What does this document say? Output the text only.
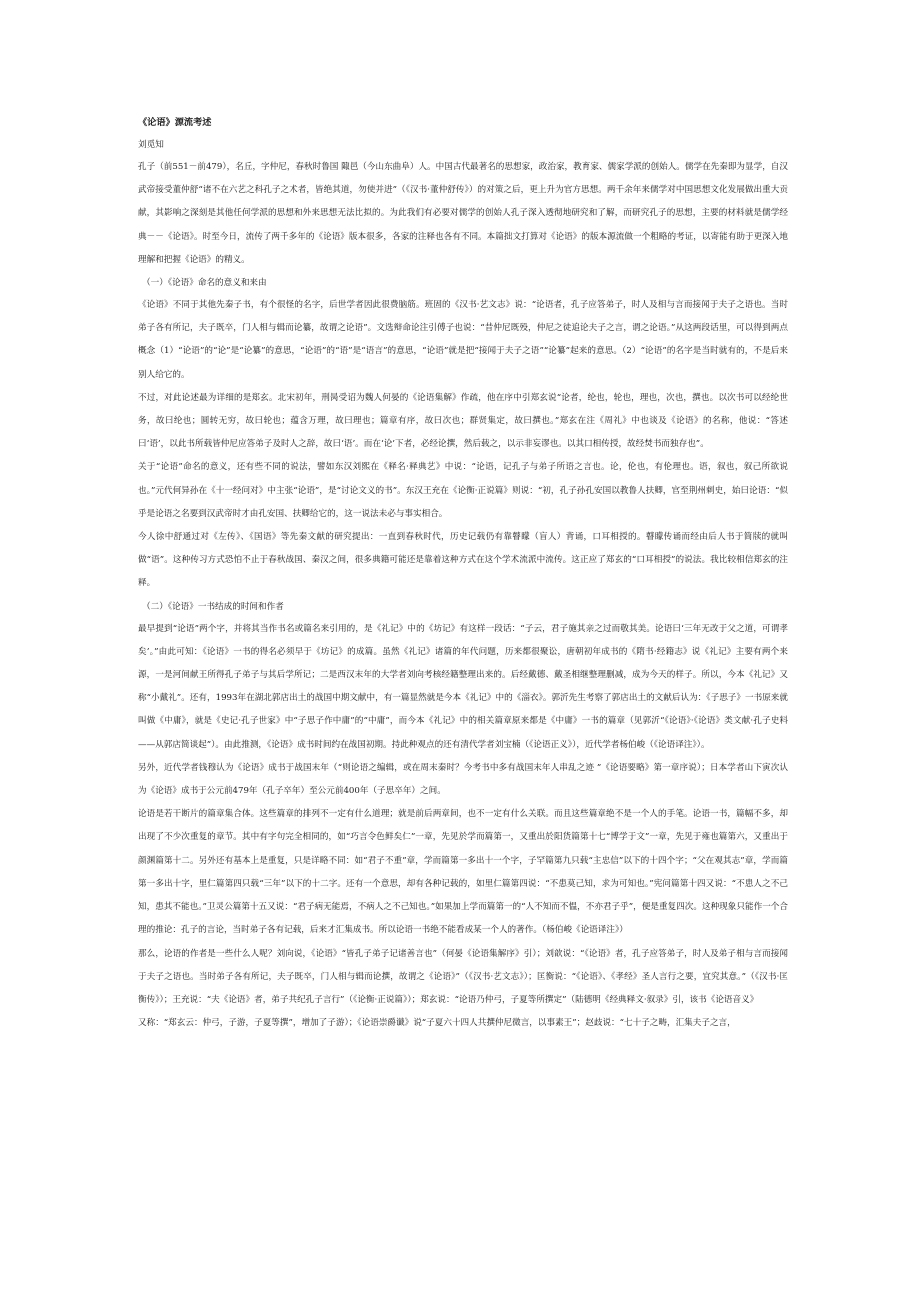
《论语》源流考述

刘觅知

孔子（前551－前479），名丘，字仲尼，春秋时鲁国 陬邑（今山东曲阜）人。中国古代最著名的思想家，政治家，教育家、儒家学派的创始人。儒学在先秦即为显学，自汉武帝接受董仲舒“诸不在六艺之科孔子之术者，皆绝其道，勿使并进”（《汉书·董仲舒传》）的对策之后，更上升为官方思想。两千余年来儒学对中国思想文化发展做出重大贡献，其影响之深刻是其他任何学派的思想和外来思想无法比拟的。为此我们有必要对儒学的创始人孔子深入透彻地研究和了解，而研究孔子的思想，主要的材料就是儒学经典－－《论语》。时至今日，流传了两千多年的《论语》版本很多，各家的注释也各有不同。本篇拙文打算对《论语》的版本源流做一个粗略的考证，以寄能有助于更深入地理解和把握《论语》的精义。

（一）《论语》命名的意义和来由

《论语》不同于其他先秦子书，有个很怪的名字，后世学者因此很费脑筋。班固的《汉书·艺文志》说：“论语者，孔子应答弟子，时人及相与言而接闻于夫子之语也。当时弟子各有所记，夫子既卒，门人相与辑而论纂，故谓之论语”。文选辩命论注引傅子也说：“昔仲尼既殁，仲尼之徒追论夫子之言，谓之论语。”从这两段话里，可以得到两点概念（1）“论语”的“论”是“论纂”的意思，“论语”的“语”是“语言”的意思，“论语”就是把“接闻于夫子之语”“论纂”起来的意思。（2）“论语”的名字是当时就有的，不是后来别人给它的。

不过，对此论述最为详细的是郑玄。北宋初年，刑昺受诏为魏人何晏的《论语集解》作疏，他在序中引郑玄说“论者，纶也，轮也，理也，次也，撰也。以次书可以经纶世务，故曰纶也；圆转无穷，故曰轮也；蕴含万理，故曰理也；篇章有序，故曰次也；群贤集定，故曰撰也。”郑玄在注《周礼》中也谈及《论语》的名称，他说：“答述曰‘语’，以此书所载皆仲尼应答弟子及时人之辞，故曰‘语’。而在‘论’下者，必经论撰，然后载之，以示非妄谬也。以其口相传授，故经焚书而独存也”。

关于“论语”命名的意义，还有些不同的说法，譬如东汉刘熙在《释名·释典艺》中说：“论语，记孔子与弟子所语之言也。论，伦也，有伦理也。语，叙也，叙己所欲说也。”元代何异孙在《十一经问对》中主张“论语”，是“讨论文义的书”。东汉王充在《论衡·正说篇》则说：“初，孔子孙孔安国以教鲁人扶卿，官至荆州刺史，始曰论语：“似乎是论语之名要到汉武帝时才由孔安国、扶卿给它的，这一说法未必与事实相合。

今人徐中舒通过对《左传》、《国语》等先秦文献的研究提出：一直到春秋时代，历史记载仍有靠瞽矇（盲人）背诵，口耳相授的。瞽矇传诵而经由后人书于简牍的就叫做“语”。这种传习方式恐怕不止于春秋战国、秦汉之间，很多典籍可能还是靠着这种方式在这个学术流派中流传。这正应了郑玄的“口耳相授”的说法。我比较相信郑玄的注释。

（二）《论语》一书结成的时间和作者

最早提到“论语”两个字，并将其当作书名或篇名来引用的，是《礼记》中的《坊记》有这样一段话：“子云，君子施其亲之过而敬其美。论语曰‘三年无改于父之道，可谓孝矣’。”由此可知：《论语》一书的得名必须早于《坊记》的成篇。虽然《礼记》诸篇的年代问题，历来都很聚讼，唐朝初年成书的《隋书·经籍志》说《礼记》主要有两个来源，一是河间献王所得孔子弟子与其后学所记；二是西汉末年的大学者刘向考核经籍整理出来的。后经戴德、戴圣相继整理删减，成为今天的样子。所以，今本《礼记》又称“小戴礼”。还有，1993年在湖北郭店出土的战国中期文献中，有一篇显然就是今本《礼记》中的《淄衣》。郭沂先生考察了郭店出土的文献后认为：《子思子》一书原来就叫做《中庸》，就是《史记·孔子世家》中“子思子作中庸”的“中庸”，而今本《礼记》中的相关篇章原来都是《中庸》一书的篇章（见郭沂“《论语》·《论语》类文献·孔子史料——从郭店简谈起”）。由此推测，《论语》成书时间约在战国初期。持此种观点的还有清代学者刘宝楠（《论语正义》），近代学者杨伯峻（《论语译注》）。

另外，近代学者钱穆认为《论语》成书于战国末年（“则论语之编辑，或在周末秦时？今考书中多有战国末年人串乱之迹 ”《论语要略》第一章序说）；日本学者山下寅次认为《论语》成书于公元前479年（孔子卒年）至公元前400年（子思卒年）之间。

论语是若干断片的篇章集合体。这些篇章的排列不一定有什么道理；就是前后两章间，也不一定有什么关联。而且这些篇章绝不是一个人的手笔。论语一书，篇幅不多，却出现了不少次重复的章节。其中有字句完全相同的，如“巧言令色鲜矣仁”一章，先见於学而篇第一，又重出於阳货篇第十七“博学于文”一章，先见于雍也篇第六，又重出于颜渊篇第十二。另外还有基本上是重复，只是详略不同：如“君子不重”章，学而篇第一多出十一个字，子罕篇第九只载“主忠信”以下的十四个字；“父在观其志”章，学而篇第一多出十字，里仁篇第四只载“三年”以下的十二字。还有一个意思，却有各种记载的，如里仁篇第四说：“不患莫己知，求为可知也。”宪问篇第十四又说：“不患人之不己知，患其不能也。”卫灵公篇第十五又说：“君子病无能焉，不病人之不己知也。”如果加上学而篇第一的“人不知而不愠，不亦君子乎”，便是重复四次。这种现象只能作一个合理的推论：孔子的言论，当时弟子各有记载，后来才汇集成书。所以论语一书绝不能看成某一个人的著作。（杨伯峻《论语译注》）

那么，论语的作者是一些什么人呢？刘向说，《论语》“皆孔子弟子记诸善言也”（何晏《论语集解序》引）；刘歆说：“《论语》者，孔子应答弟子，时人及弟子相与言而接闻于夫子之语也。当时弟子各有所记，夫子既卒，门人相与辑而论撰，故谓之《论语》”（《汉书·艺文志》）；匡衡说：“《论语》、《孝经》圣人言行之要，宜究其意。”（《汉书·匡衡传》）；王充说：“夫《论语》者，弟子共纪孔子言行”（《论衡·正说篇》）；郑玄说：“论语乃仲弓，子夏等所撰定”（陆德明《经典释文·叙录》引，该书《论语音义》

又称：“郑玄云：仲弓，子游，子夏等撰”，增加了子游）；《论语崇爵谶》说“子夏六十四人共撰仲尼微言，以事素王”；赵歧说：“七十子之畴，汇集夫子之言，
